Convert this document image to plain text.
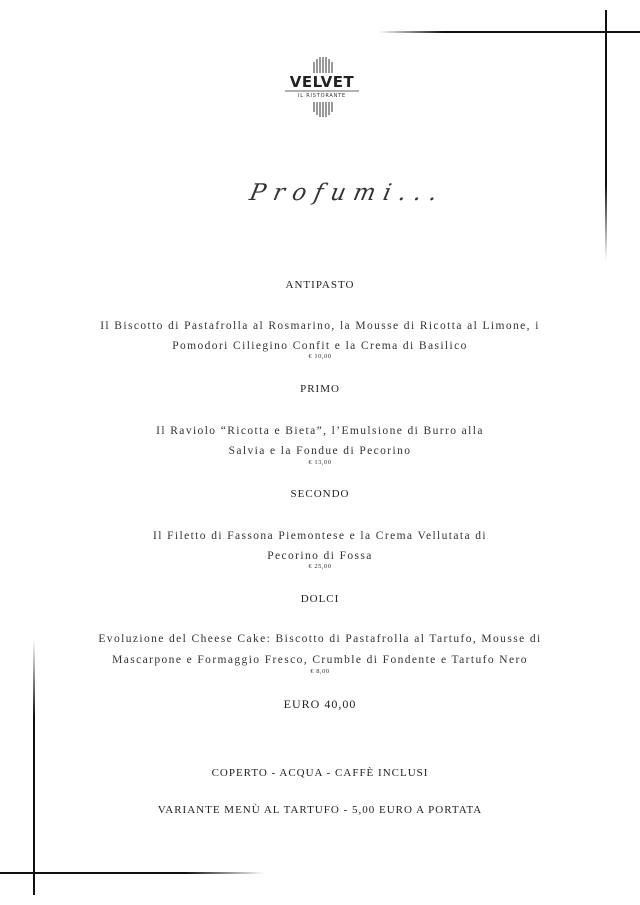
VELVET
IL RISTORANTE
Profumi...
ANTIPASTO
Il Biscotto di Pastafrolla al Rosmarino, la Mousse di Ricotta al Limone, i
Pomodori Ciliegino Confit e la Crema di Basilico
€ 10,00
PRIMO
Il Raviolo “Ricotta e Bieta”, l’Emulsione di Burro alla
Salvia e la Fondue di Pecorino
€ 13,00
SECONDO
Il Filetto di Fassona Piemontese e la Crema Vellutata di
Pecorino di Fossa
€ 25,00
DOLCI
Evoluzione del Cheese Cake: Biscotto di Pastafrolla al Tartufo, Mousse di
Mascarpone e Formaggio Fresco, Crumble di Fondente e Tartufo Nero
€ 8,00
EURO 40,00
COPERTO - ACQUA - CAFFÈ INCLUSI
VARIANTE MENÙ AL TARTUFO - 5,00 EURO A PORTATA
